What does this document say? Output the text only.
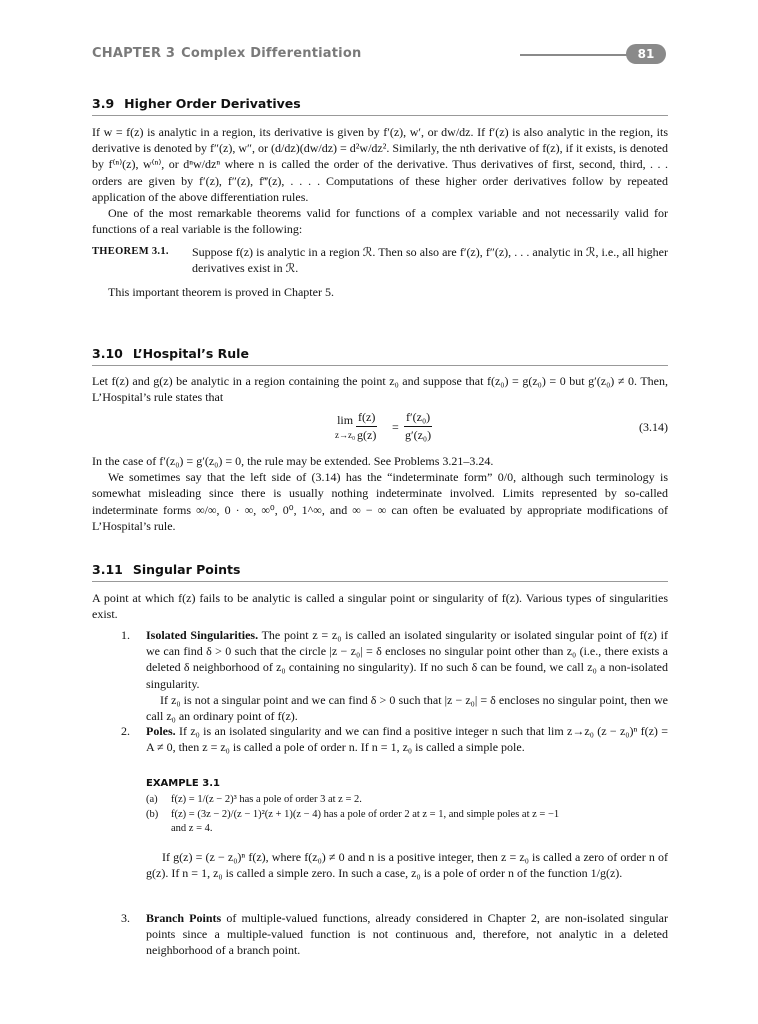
CHAPTER 3 Complex Differentiation	81
3.9 Higher Order Derivatives

If w = f(z) is analytic in a region, its derivative is given by f′(z), w′, or dw/dz. If f′(z) is also analytic in the region, its derivative is denoted by f″(z), w″, or (d/dz)(dw/dz) = d²w/dz². Similarly, the nth derivative of f(z), if it exists, is denoted by f⁽ⁿ⁾(z), w⁽ⁿ⁾, or dⁿw/dzⁿ where n is called the order of the derivative. Thus derivatives of first, second, third, . . . orders are given by f′(z), f″(z), f‴(z), . . . . Computations of these higher order derivatives follow by repeated application of the above differentiation rules.

One of the most remarkable theorems valid for functions of a complex variable and not necessarily valid for functions of a real variable is the following:

THEOREM 3.1. Suppose f(z) is analytic in a region ℛ. Then so also are f′(z), f″(z), . . . analytic in ℛ, i.e., all higher derivatives exist in ℛ.
This important theorem is proved in Chapter 5.
3.10 L’Hospital’s Rule
Let f(z) and g(z) be analytic in a region containing the point z₀ and suppose that f(z₀) = g(z₀) = 0 but g′(z₀) ≠ 0. Then, L’Hospital’s rule states that
lim
$z\to z_0 \frac{f(z)}{g(z)} = \frac{\text{f′(z₀)}}{\text{g′(z₀)}}$	(3.14)

In the case of f′(z₀) = g′(z₀) = 0, the rule may be extended. See Problems 3.21–3.24.

We sometimes say that the left side of (3.14) has the “indeterminate form” 0/0, although such terminology is somewhat misleading since there is usually nothing indeterminate involved. Limits represented by so-called indeterminate forms ∞/∞, 0 · ∞, ∞⁰, 0⁰, 1^∞, and ∞ − ∞ can often be evaluated by appropriate modifications of L’Hospital’s rule.

3.11 Singular Points
A point at which f(z) fails to be analytic is called a singular point or singularity of f(z). Various types of singularities exist.
1. Isolated Singularities. The point z = z₀ is called an isolated singularity or isolated singular point of f(z) if we can find δ > 0 such that the circle |z − z₀| = δ encloses no singular point other than z₀ (i.e., there exists a deleted δ neighborhood of z₀ containing no singularity). If no such δ can be found, we call z₀ a non-isolated singularity.

If z₀ is not a singular point and we can find δ > 0 such that |z − z₀| = δ encloses no singular point, then we call z₀ an ordinary point of f(z).

2. Poles. If z₀ is an isolated singularity and we can find a positive integer n such that lim z→z₀ (z − z₀)ⁿ f(z) = A ≠ 0, then z = z₀ is called a pole of order n. If n = 1, z₀ is called a simple pole.

EXAMPLE 3.1
(a) f(z) = 1/(z − 2)³ has a pole of order 3 at z = 2.
(b) f(z) = (3z − 2)/(z − 1)²(z + 1)(z − 4) has a pole of order 2 at z = 1, and simple poles at z = −1
and z = 4.
If g(z) = (z − z₀)ⁿ f(z), where f(z₀) ≠ 0 and n is a positive integer, then z = z₀ is called a zero of order n of g(z). If n = 1, z₀ is called a simple zero. In such a case, z₀ is a pole of order n of the function 1/g(z).
3. Branch Points of multiple-valued functions, already considered in Chapter 2, are non-isolated singular points since a multiple-valued function is not continuous and, therefore, not analytic in a deleted neighborhood of a branch point.
